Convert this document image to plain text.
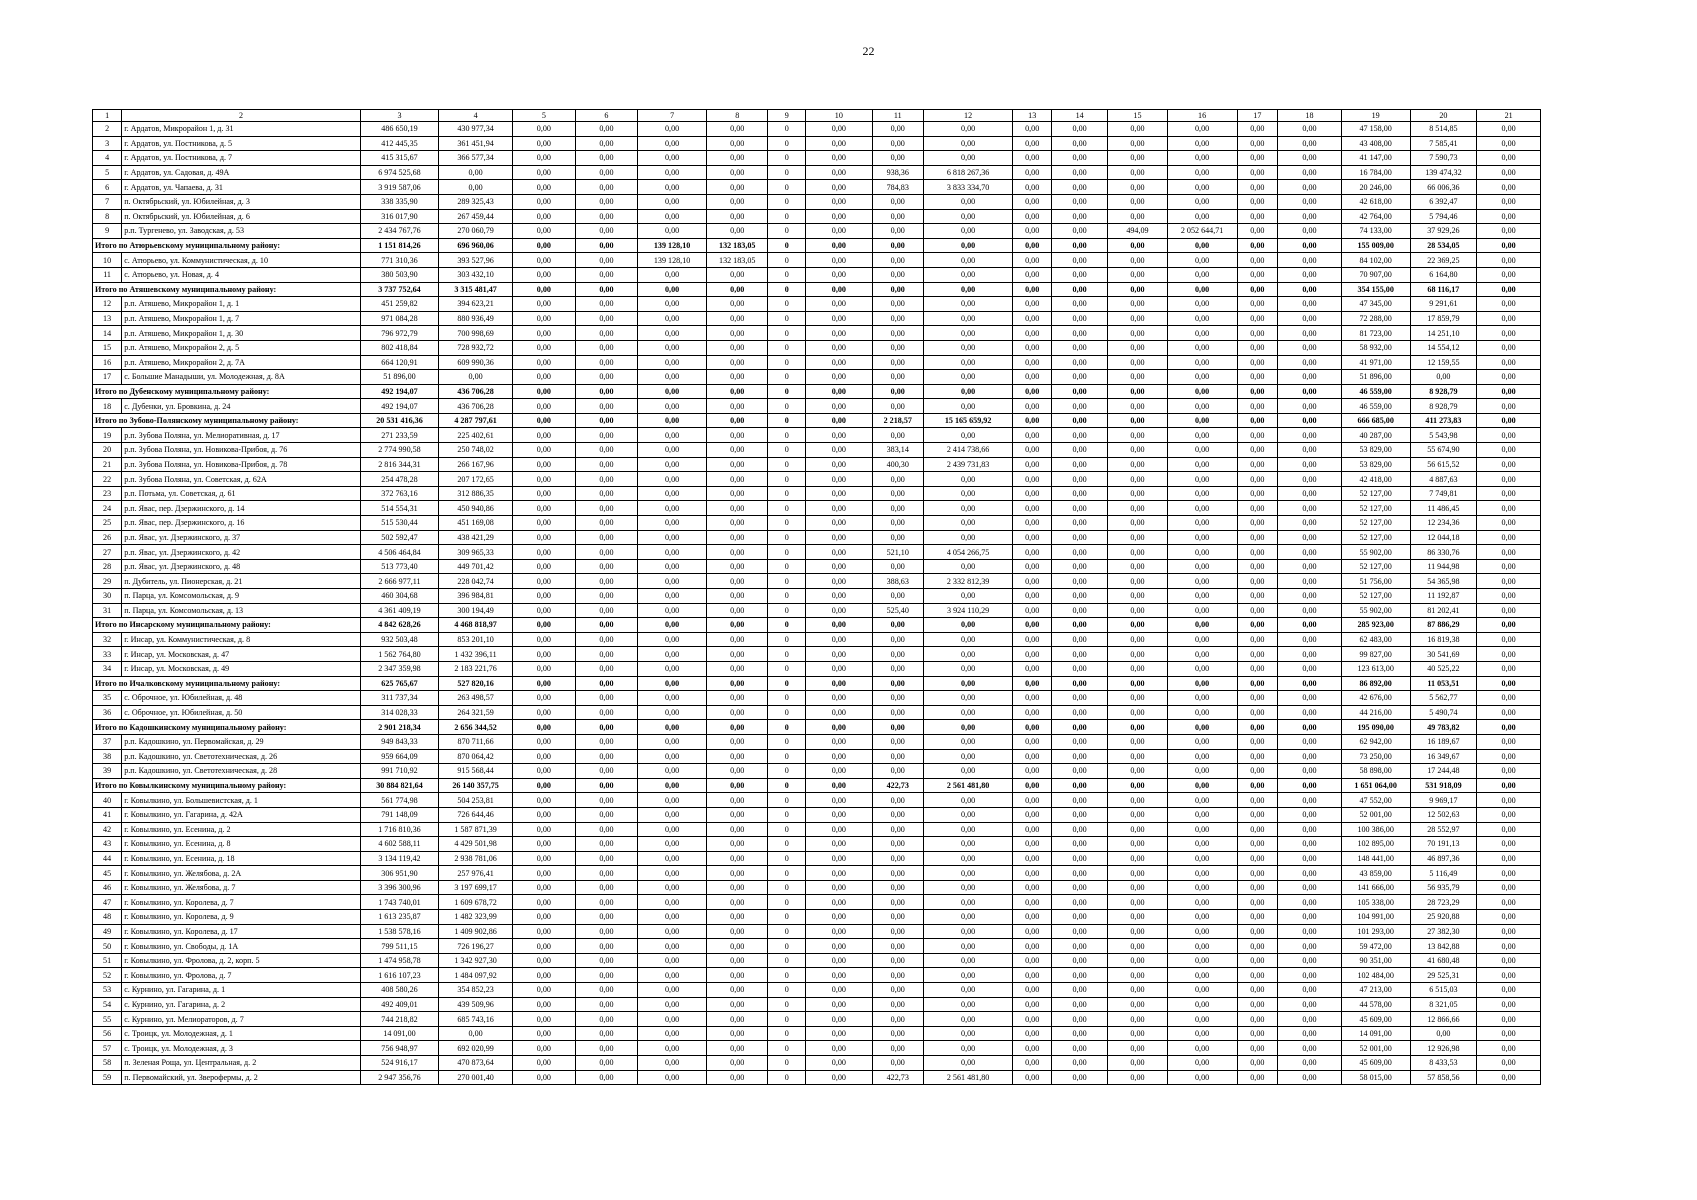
22
1	2	3	4	5	6	7	8	9	10	11	12	13	14	15	16	17	18	19	20	21
2	г. Ардатов, Микрорайон 1, д. 31	486 650,19	430 977,34	0,00	0,00	0,00	0,00	0	0,00	0,00	0,00	0,00	0,00	0,00	0,00	0,00	0,00	47 158,00	8 514,85	0,00
3	г. Ардатов, ул. Постникова, д. 5	412 445,35	361 451,94	0,00	0,00	0,00	0,00	0	0,00	0,00	0,00	0,00	0,00	0,00	0,00	0,00	0,00	43 408,00	7 585,41	0,00
4	г. Ардатов, ул. Постникова, д. 7	415 315,67	366 577,34	0,00	0,00	0,00	0,00	0	0,00	0,00	0,00	0,00	0,00	0,00	0,00	0,00	0,00	41 147,00	7 590,73	0,00
5	г. Ардатов, ул. Садовая, д. 49А	6 974 525,68	0,00	0,00	0,00	0,00	0,00	0	0,00	938,36	6 818 267,36	0,00	0,00	0,00	0,00	0,00	0,00	16 784,00	139 474,32	0,00
6	г. Ардатов, ул. Чапаева, д. 31	3 919 587,06	0,00	0,00	0,00	0,00	0,00	0	0,00	784,83	3 833 334,70	0,00	0,00	0,00	0,00	0,00	0,00	20 246,00	66 006,36	0,00
7	п. Октябрьский, ул. Юбилейная, д. 3	338 335,90	289 325,43	0,00	0,00	0,00	0,00	0	0,00	0,00	0,00	0,00	0,00	0,00	0,00	0,00	0,00	42 618,00	6 392,47	0,00
8	п. Октябрьский, ул. Юбилейная, д. 6	316 017,90	267 459,44	0,00	0,00	0,00	0,00	0	0,00	0,00	0,00	0,00	0,00	0,00	0,00	0,00	0,00	42 764,00	5 794,46	0,00
9	р.п. Тургенево, ул. Заводская, д. 53	2 434 767,76	270 060,79	0,00	0,00	0,00	0,00	0	0,00	0,00	0,00	0,00	0,00	494,09	2 052 644,71	0,00	0,00	74 133,00	37 929,26	0,00
Итого по Атюрьевскому муниципальному району:		1 151 814,26	696 960,06	0,00	0,00	139 128,10	132 183,05	0	0,00	0,00	0,00	0,00	0,00	0,00	0,00	0,00	0,00	155 009,00	28 534,05	0,00
10	с. Атюрьево, ул. Коммунистическая, д. 10	771 310,36	393 527,96	0,00	0,00	139 128,10	132 183,05	0	0,00	0,00	0,00	0,00	0,00	0,00	0,00	0,00	0,00	84 102,00	22 369,25	0,00
11	с. Атюрьево, ул. Новая, д. 4	380 503,90	303 432,10	0,00	0,00	0,00	0,00	0	0,00	0,00	0,00	0,00	0,00	0,00	0,00	0,00	0,00	70 907,00	6 164,80	0,00
Итого по Атяшевскому муниципальному району:		3 737 752,64	3 315 481,47	0,00	0,00	0,00	0,00	0	0,00	0,00	0,00	0,00	0,00	0,00	0,00	0,00	0,00	354 155,00	68 116,17	0,00
12	р.п. Атяшево, Микрорайон 1, д. 1	451 259,82	394 623,21	0,00	0,00	0,00	0,00	0	0,00	0,00	0,00	0,00	0,00	0,00	0,00	0,00	0,00	47 345,00	9 291,61	0,00
13	р.п. Атяшево, Микрорайон 1, д. 7	971 084,28	880 936,49	0,00	0,00	0,00	0,00	0	0,00	0,00	0,00	0,00	0,00	0,00	0,00	0,00	0,00	72 288,00	17 859,79	0,00
14	р.п. Атяшево, Микрорайон 1, д. 30	796 972,79	700 998,69	0,00	0,00	0,00	0,00	0	0,00	0,00	0,00	0,00	0,00	0,00	0,00	0,00	0,00	81 723,00	14 251,10	0,00
15	р.п. Атяшево, Микрорайон 2, д. 5	802 418,84	728 932,72	0,00	0,00	0,00	0,00	0	0,00	0,00	0,00	0,00	0,00	0,00	0,00	0,00	0,00	58 932,00	14 554,12	0,00
16	р.п. Атяшево, Микрорайон 2, д. 7А	664 120,91	609 990,36	0,00	0,00	0,00	0,00	0	0,00	0,00	0,00	0,00	0,00	0,00	0,00	0,00	0,00	41 971,00	12 159,55	0,00
17	с. Большие Манадыши, ул. Молодежная, д. 8А	51 896,00	0,00	0,00	0,00	0,00	0,00	0	0,00	0,00	0,00	0,00	0,00	0,00	0,00	0,00	0,00	51 896,00	0,00	0,00
Итого по Дубенскому муниципальному району:		492 194,07	436 706,28	0,00	0,00	0,00	0,00	0	0,00	0,00	0,00	0,00	0,00	0,00	0,00	0,00	0,00	46 559,00	8 928,79	0,00
18	с. Дубенки, ул. Бровкина, д. 24	492 194,07	436 706,28	0,00	0,00	0,00	0,00	0	0,00	0,00	0,00	0,00	0,00	0,00	0,00	0,00	0,00	46 559,00	8 928,79	0,00
Итого по Зубово-Полянскому муниципальному району:		20 531 416,36	4 287 797,61	0,00	0,00	0,00	0,00	0	0,00	2 218,57	15 165 659,92	0,00	0,00	0,00	0,00	0,00	0,00	666 685,00	411 273,83	0,00
19	р.п. Зубова Поляна, ул. Мелиоративная, д. 17	271 233,59	225 402,61	0,00	0,00	0,00	0,00	0	0,00	0,00	0,00	0,00	0,00	0,00	0,00	0,00	0,00	40 287,00	5 543,98	0,00
20	р.п. Зубова Поляна, ул. Новикова-Прибоя, д. 76	2 774 990,58	250 748,02	0,00	0,00	0,00	0,00	0	0,00	383,14	2 414 738,66	0,00	0,00	0,00	0,00	0,00	0,00	53 829,00	55 674,90	0,00
21	р.п. Зубова Поляна, ул. Новикова-Прибоя, д. 78	2 816 344,31	266 167,96	0,00	0,00	0,00	0,00	0	0,00	400,30	2 439 731,83	0,00	0,00	0,00	0,00	0,00	0,00	53 829,00	56 615,52	0,00
22	р.п. Зубова Поляна, ул. Советская, д. 62А	254 478,28	207 172,65	0,00	0,00	0,00	0,00	0	0,00	0,00	0,00	0,00	0,00	0,00	0,00	0,00	0,00	42 418,00	4 887,63	0,00
23	р.п. Потьма, ул. Советская, д. 61	372 763,16	312 886,35	0,00	0,00	0,00	0,00	0	0,00	0,00	0,00	0,00	0,00	0,00	0,00	0,00	0,00	52 127,00	7 749,81	0,00
24	р.п. Явас, пер. Дзержинского, д. 14	514 554,31	450 940,86	0,00	0,00	0,00	0,00	0	0,00	0,00	0,00	0,00	0,00	0,00	0,00	0,00	0,00	52 127,00	11 486,45	0,00
25	р.п. Явас, пер. Дзержинского, д. 16	515 530,44	451 169,08	0,00	0,00	0,00	0,00	0	0,00	0,00	0,00	0,00	0,00	0,00	0,00	0,00	0,00	52 127,00	12 234,36	0,00
26	р.п. Явас, ул. Дзержинского, д. 37	502 592,47	438 421,29	0,00	0,00	0,00	0,00	0	0,00	0,00	0,00	0,00	0,00	0,00	0,00	0,00	0,00	52 127,00	12 044,18	0,00
27	р.п. Явас, ул. Дзержинского, д. 42	4 506 464,84	309 965,33	0,00	0,00	0,00	0,00	0	0,00	521,10	4 054 266,75	0,00	0,00	0,00	0,00	0,00	0,00	55 902,00	86 330,76	0,00
28	р.п. Явас, ул. Дзержинского, д. 48	513 773,40	449 701,42	0,00	0,00	0,00	0,00	0	0,00	0,00	0,00	0,00	0,00	0,00	0,00	0,00	0,00	52 127,00	11 944,98	0,00
29	п. Дубитель, ул. Пионерская, д. 21	2 666 977,11	228 042,74	0,00	0,00	0,00	0,00	0	0,00	388,63	2 332 812,39	0,00	0,00	0,00	0,00	0,00	0,00	51 756,00	54 365,98	0,00
30	п. Парца, ул. Комсомольская, д. 9	460 304,68	396 984,81	0,00	0,00	0,00	0,00	0	0,00	0,00	0,00	0,00	0,00	0,00	0,00	0,00	0,00	52 127,00	11 192,87	0,00
31	п. Парца, ул. Комсомольская, д. 13	4 361 409,19	300 194,49	0,00	0,00	0,00	0,00	0	0,00	525,40	3 924 110,29	0,00	0,00	0,00	0,00	0,00	0,00	55 902,00	81 202,41	0,00
Итого по Инсарскому муниципальному району:		4 842 628,26	4 468 818,97	0,00	0,00	0,00	0,00	0	0,00	0,00	0,00	0,00	0,00	0,00	0,00	0,00	0,00	285 923,00	87 886,29	0,00
32	г. Инсар, ул. Коммунистическая, д. 8	932 503,48	853 201,10	0,00	0,00	0,00	0,00	0	0,00	0,00	0,00	0,00	0,00	0,00	0,00	0,00	0,00	62 483,00	16 819,38	0,00
33	г. Инсар, ул. Московская, д. 47	1 562 764,80	1 432 396,11	0,00	0,00	0,00	0,00	0	0,00	0,00	0,00	0,00	0,00	0,00	0,00	0,00	0,00	99 827,00	30 541,69	0,00
34	г. Инсар, ул. Московская, д. 49	2 347 359,98	2 183 221,76	0,00	0,00	0,00	0,00	0	0,00	0,00	0,00	0,00	0,00	0,00	0,00	0,00	0,00	123 613,00	40 525,22	0,00
Итого по Ичалковскому муниципальному району:		625 765,67	527 820,16	0,00	0,00	0,00	0,00	0	0,00	0,00	0,00	0,00	0,00	0,00	0,00	0,00	0,00	86 892,00	11 053,51	0,00
35	с. Оброчное, ул. Юбилейная, д. 48	311 737,34	263 498,57	0,00	0,00	0,00	0,00	0	0,00	0,00	0,00	0,00	0,00	0,00	0,00	0,00	0,00	42 676,00	5 562,77	0,00
36	с. Оброчное, ул. Юбилейная, д. 50	314 028,33	264 321,59	0,00	0,00	0,00	0,00	0	0,00	0,00	0,00	0,00	0,00	0,00	0,00	0,00	0,00	44 216,00	5 490,74	0,00
Итого по Кадошкинскому муниципальному району:		2 901 218,34	2 656 344,52	0,00	0,00	0,00	0,00	0	0,00	0,00	0,00	0,00	0,00	0,00	0,00	0,00	0,00	195 090,00	49 783,82	0,00
37	р.п. Кадошкино, ул. Первомайская, д. 29	949 843,33	870 711,66	0,00	0,00	0,00	0,00	0	0,00	0,00	0,00	0,00	0,00	0,00	0,00	0,00	0,00	62 942,00	16 189,67	0,00
38	р.п. Кадошкино, ул. Светотехническая, д. 26	959 664,09	870 064,42	0,00	0,00	0,00	0,00	0	0,00	0,00	0,00	0,00	0,00	0,00	0,00	0,00	0,00	73 250,00	16 349,67	0,00
39	р.п. Кадошкино, ул. Светотехническая, д. 28	991 710,92	915 568,44	0,00	0,00	0,00	0,00	0	0,00	0,00	0,00	0,00	0,00	0,00	0,00	0,00	0,00	58 898,00	17 244,48	0,00
Итого по Ковылкинскому муниципальному району:		30 884 821,64	26 140 357,75	0,00	0,00	0,00	0,00	0	0,00	422,73	2 561 481,80	0,00	0,00	0,00	0,00	0,00	0,00	1 651 064,00	531 918,09	0,00
40	г. Ковылкино, ул. Большевистская, д. 1	561 774,98	504 253,81	0,00	0,00	0,00	0,00	0	0,00	0,00	0,00	0,00	0,00	0,00	0,00	0,00	0,00	47 552,00	9 969,17	0,00
41	г. Ковылкино, ул. Гагарина, д. 42А	791 148,09	726 644,46	0,00	0,00	0,00	0,00	0	0,00	0,00	0,00	0,00	0,00	0,00	0,00	0,00	0,00	52 001,00	12 502,63	0,00
42	г. Ковылкино, ул. Есенина, д. 2	1 716 810,36	1 587 871,39	0,00	0,00	0,00	0,00	0	0,00	0,00	0,00	0,00	0,00	0,00	0,00	0,00	0,00	100 386,00	28 552,97	0,00
43	г. Ковылкино, ул. Есенина, д. 8	4 602 588,11	4 429 501,98	0,00	0,00	0,00	0,00	0	0,00	0,00	0,00	0,00	0,00	0,00	0,00	0,00	0,00	102 895,00	70 191,13	0,00
44	г. Ковылкино, ул. Есенина, д. 18	3 134 119,42	2 938 781,06	0,00	0,00	0,00	0,00	0	0,00	0,00	0,00	0,00	0,00	0,00	0,00	0,00	0,00	148 441,00	46 897,36	0,00
45	г. Ковылкино, ул. Желябова, д. 2А	306 951,90	257 976,41	0,00	0,00	0,00	0,00	0	0,00	0,00	0,00	0,00	0,00	0,00	0,00	0,00	0,00	43 859,00	5 116,49	0,00
46	г. Ковылкино, ул. Желябова, д. 7	3 396 300,96	3 197 699,17	0,00	0,00	0,00	0,00	0	0,00	0,00	0,00	0,00	0,00	0,00	0,00	0,00	0,00	141 666,00	56 935,79	0,00
47	г. Ковылкино, ул. Королева, д. 7	1 743 740,01	1 609 678,72	0,00	0,00	0,00	0,00	0	0,00	0,00	0,00	0,00	0,00	0,00	0,00	0,00	0,00	105 338,00	28 723,29	0,00
48	г. Ковылкино, ул. Королева, д. 9	1 613 235,87	1 482 323,99	0,00	0,00	0,00	0,00	0	0,00	0,00	0,00	0,00	0,00	0,00	0,00	0,00	0,00	104 991,00	25 920,88	0,00
49	г. Ковылкино, ул. Королева, д. 17	1 538 578,16	1 409 902,86	0,00	0,00	0,00	0,00	0	0,00	0,00	0,00	0,00	0,00	0,00	0,00	0,00	0,00	101 293,00	27 382,30	0,00
50	г. Ковылкино, ул. Свободы, д. 1А	799 511,15	726 196,27	0,00	0,00	0,00	0,00	0	0,00	0,00	0,00	0,00	0,00	0,00	0,00	0,00	0,00	59 472,00	13 842,88	0,00
51	г. Ковылкино, ул. Фролова, д. 2, корп. 5	1 474 958,78	1 342 927,30	0,00	0,00	0,00	0,00	0	0,00	0,00	0,00	0,00	0,00	0,00	0,00	0,00	0,00	90 351,00	41 680,48	0,00
52	г. Ковылкино, ул. Фролова, д. 7	1 616 107,23	1 484 097,92	0,00	0,00	0,00	0,00	0	0,00	0,00	0,00	0,00	0,00	0,00	0,00	0,00	0,00	102 484,00	29 525,31	0,00
53	с. Курнино, ул. Гагарина, д. 1	408 580,26	354 852,23	0,00	0,00	0,00	0,00	0	0,00	0,00	0,00	0,00	0,00	0,00	0,00	0,00	0,00	47 213,00	6 515,03	0,00
54	с. Курнино, ул. Гагарина, д. 2	492 409,01	439 509,96	0,00	0,00	0,00	0,00	0	0,00	0,00	0,00	0,00	0,00	0,00	0,00	0,00	0,00	44 578,00	8 321,05	0,00
55	с. Курнино, ул. Мелиораторов, д. 7	744 218,82	685 743,16	0,00	0,00	0,00	0,00	0	0,00	0,00	0,00	0,00	0,00	0,00	0,00	0,00	0,00	45 609,00	12 866,66	0,00
56	с. Троицк, ул. Молодежная, д. 1	14 091,00	0,00	0,00	0,00	0,00	0,00	0	0,00	0,00	0,00	0,00	0,00	0,00	0,00	0,00	0,00	14 091,00	0,00	0,00
57	с. Троицк, ул. Молодежная, д. 3	756 948,97	692 020,99	0,00	0,00	0,00	0,00	0	0,00	0,00	0,00	0,00	0,00	0,00	0,00	0,00	0,00	52 001,00	12 926,98	0,00
58	п. Зеленая Роща, ул. Центральная, д. 2	524 916,17	470 873,64	0,00	0,00	0,00	0,00	0	0,00	0,00	0,00	0,00	0,00	0,00	0,00	0,00	0,00	45 609,00	8 433,53	0,00
59	п. Первомайский, ул. Зверофермы, д. 2	2 947 356,76	270 001,40	0,00	0,00	0,00	0,00	0	0,00	422,73	2 561 481,80	0,00	0,00	0,00	0,00	0,00	0,00	58 015,00	57 858,56	0,00
